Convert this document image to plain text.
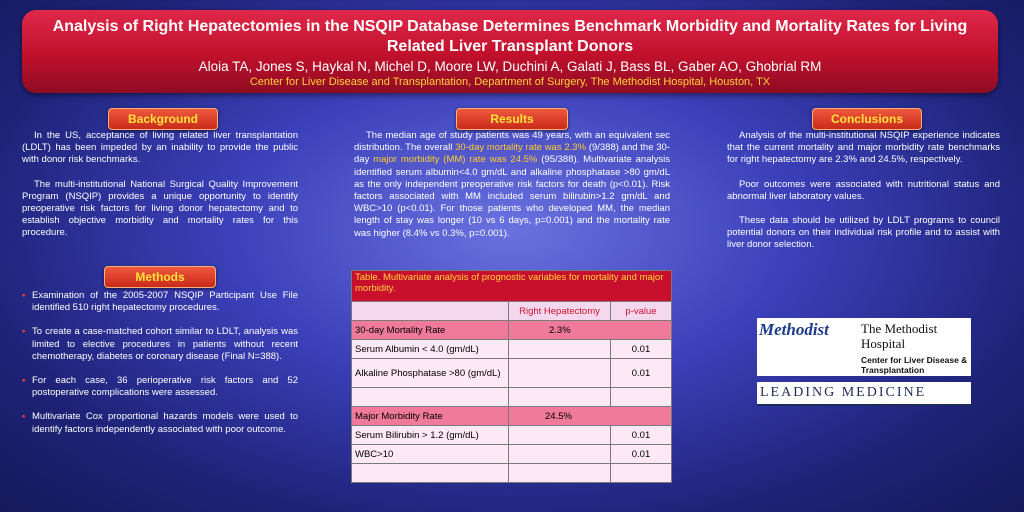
Analysis of Right Hepatectomies in the NSQIP Database Determines Benchmark Morbidity and Mortality Rates for Living Related Liver Transplant Donors
Aloia TA, Jones S, Haykal N, Michel D, Moore LW, Duchini A, Galati J, Bass BL, Gaber AO, Ghobrial RM
Center for Liver Disease and Transplantation, Department of Surgery, The Methodist Hospital, Houston, TX
Background

In the US, acceptance of living related liver transplantation (LDLT) has been impeded by an inability to provide the public with donor risk benchmarks.

The multi-institutional National Surgical Quality Improvement Program (NSQIP) provides a unique opportunity to identify preoperative risk factors for living donor hepatectomy and to establish objective morbidity and mortality rates for this procedure.

Methods
• Examination of the 2005-2007 NSQIP Participant Use File identified 510 right hepatectomy procedures.
• To create a case-matched cohort similar to LDLT, analysis was limited to elective procedures in patients without recent chemotherapy, diabetes or coronary disease (Final N=388).
• For each case, 36 perioperative risk factors and 52 postoperative complications were assessed.
• Multivariate Cox proportional hazards models were used to identify factors independently associated with poor outcome.
Results

The median age of study patients was 49 years, with an equivalent sec distribution. The overall 30-day mortality rate was 2.3% (9/388) and the 30-day major morbidity (MM) rate was 24.5% (95/388). Multivariate analysis identified serum albumin<4.0 gm/dL and alkaline phosphatase >80 gm/dL as the only independent preoperative risk factors for death (p<0.01). Risk factors associated with MM included serum bilirubin>1.2 gm/dL and WBC>10 (p<0.01). For those patients who developed MM, the median length of stay was longer (10 vs 6 days, p=0.001) and the mortality rate was higher (8.4% vs 0.3%, p=0.001).

Table. Multivariate analysis of prognostic variables for mortality and major morbidity.		
	Right Hepatectomy	p-value
30-day Mortality Rate	2.3%	
Serum Albumin < 4.0 (gm/dL)		0.01
Alkaline Phosphatase >80 (gm/dL)		0.01

Major Morbidity Rate	24.5%	
Serum Bilirubin > 1.2 (gm/dL)		0.01
WBC>10		0.01

Conclusions

Analysis of the multi-institutional NSQIP experience indicates that the current mortality and major morbidity rate benchmarks for right hepatectomy are 2.3% and 24.5%, respectively.

Poor outcomes were associated with nutritional status and abnormal liver laboratory values.

These data should be utilized by LDLT programs to council potential donors on their individual risk profile and to assist with liver donor selection.

Methodist The Methodist Hospital
Center for Liver Disease & Transplantation
LEADING MEDICINE
